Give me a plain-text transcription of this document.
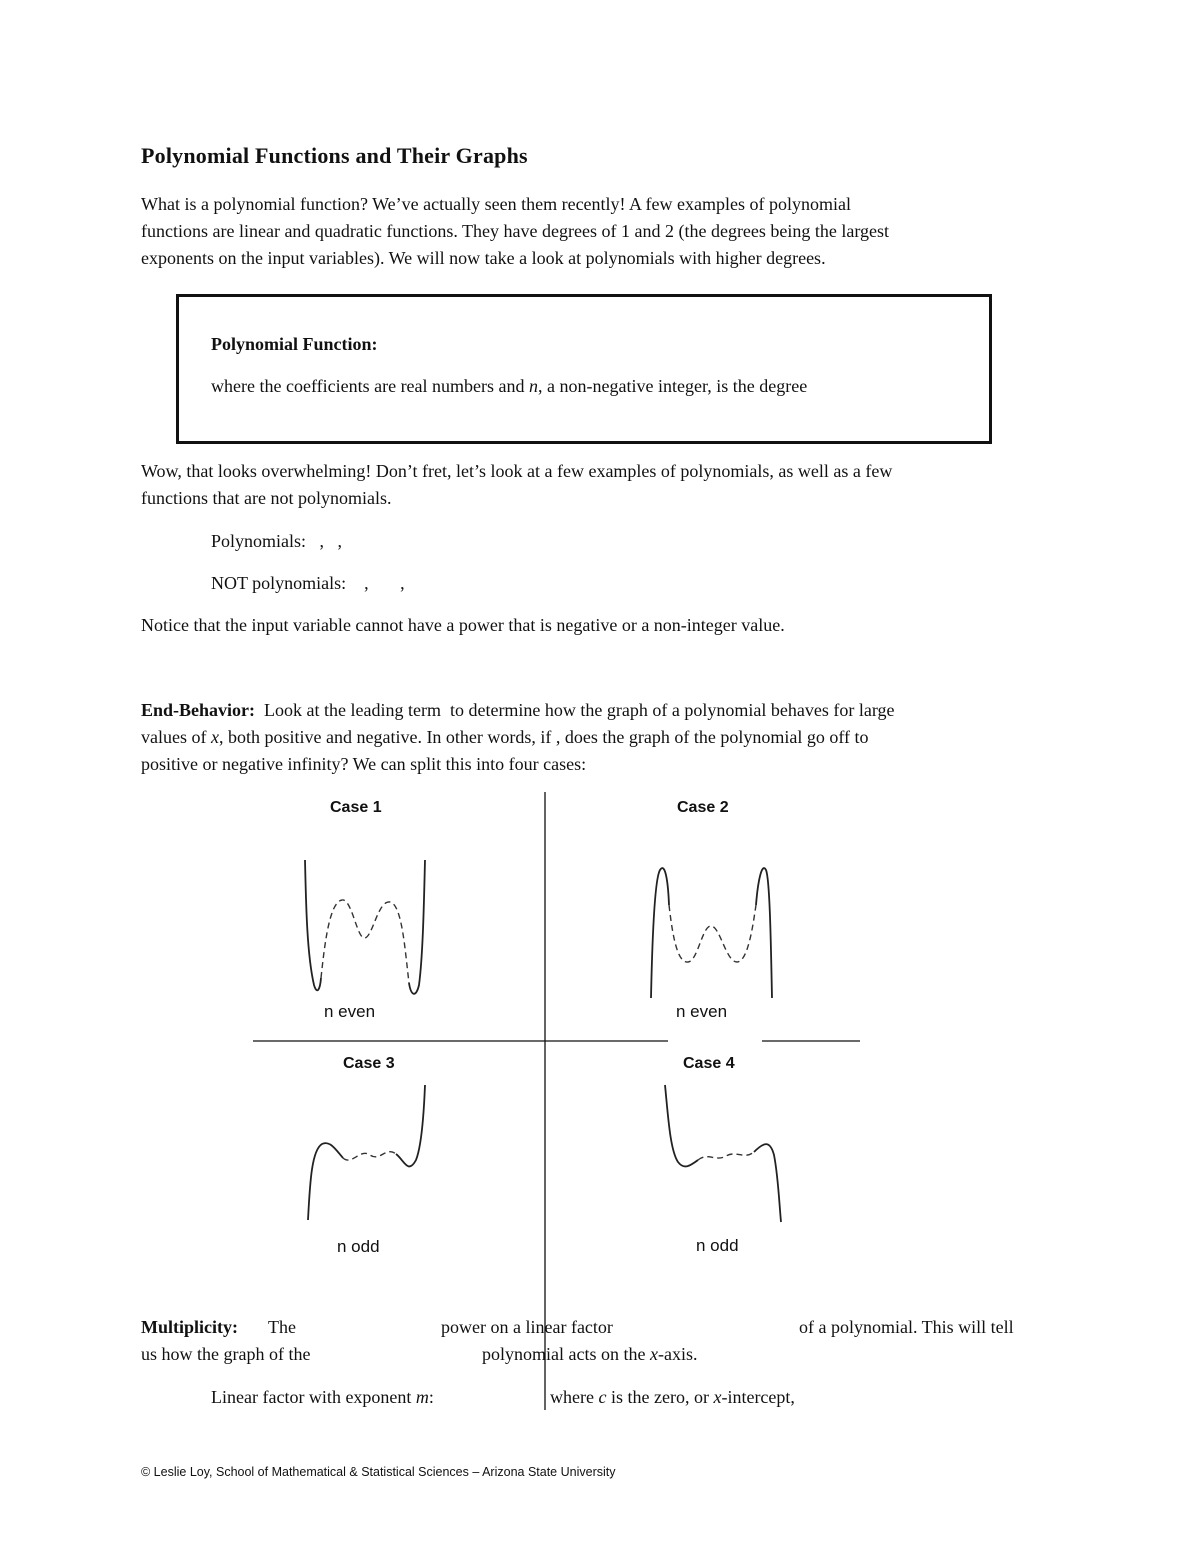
Polynomial Functions and Their Graphs
What is a polynomial function? We’ve actually seen them recently! A few examples of polynomial
functions are linear and quadratic functions. They have degrees of 1 and 2 (the degrees being the largest
exponents on the input variables). We will now take a look at polynomials with higher degrees.
Polynomial Function:
where the coefficients are real numbers and n, a non-negative integer, is the degree
Wow, that looks overwhelming! Don’t fret, let’s look at a few examples of polynomials, as well as a few
functions that are not polynomials.
Polynomials:   ,   ,
NOT polynomials:    ,       ,
Notice that the input variable cannot have a power that is negative or a non-integer value.
End-Behavior:  Look at the leading term  to determine how the graph of a polynomial behaves for large
values of x, both positive and negative. In other words, if , does the graph of the polynomial go off to
positive or negative infinity? We can split this into four cases:
Case 1	Case 2
Case 3	Case 4
n even	n even
n odd	n odd
Multiplicity: The	power on a linear factor	of a polynomial. This will tell
us how the graph of the	polynomial acts on the x-axis.
Linear factor with exponent m:	where c is the zero, or x-intercept,
© Leslie Loy, School of Mathematical & Statistical Sciences – Arizona State University
